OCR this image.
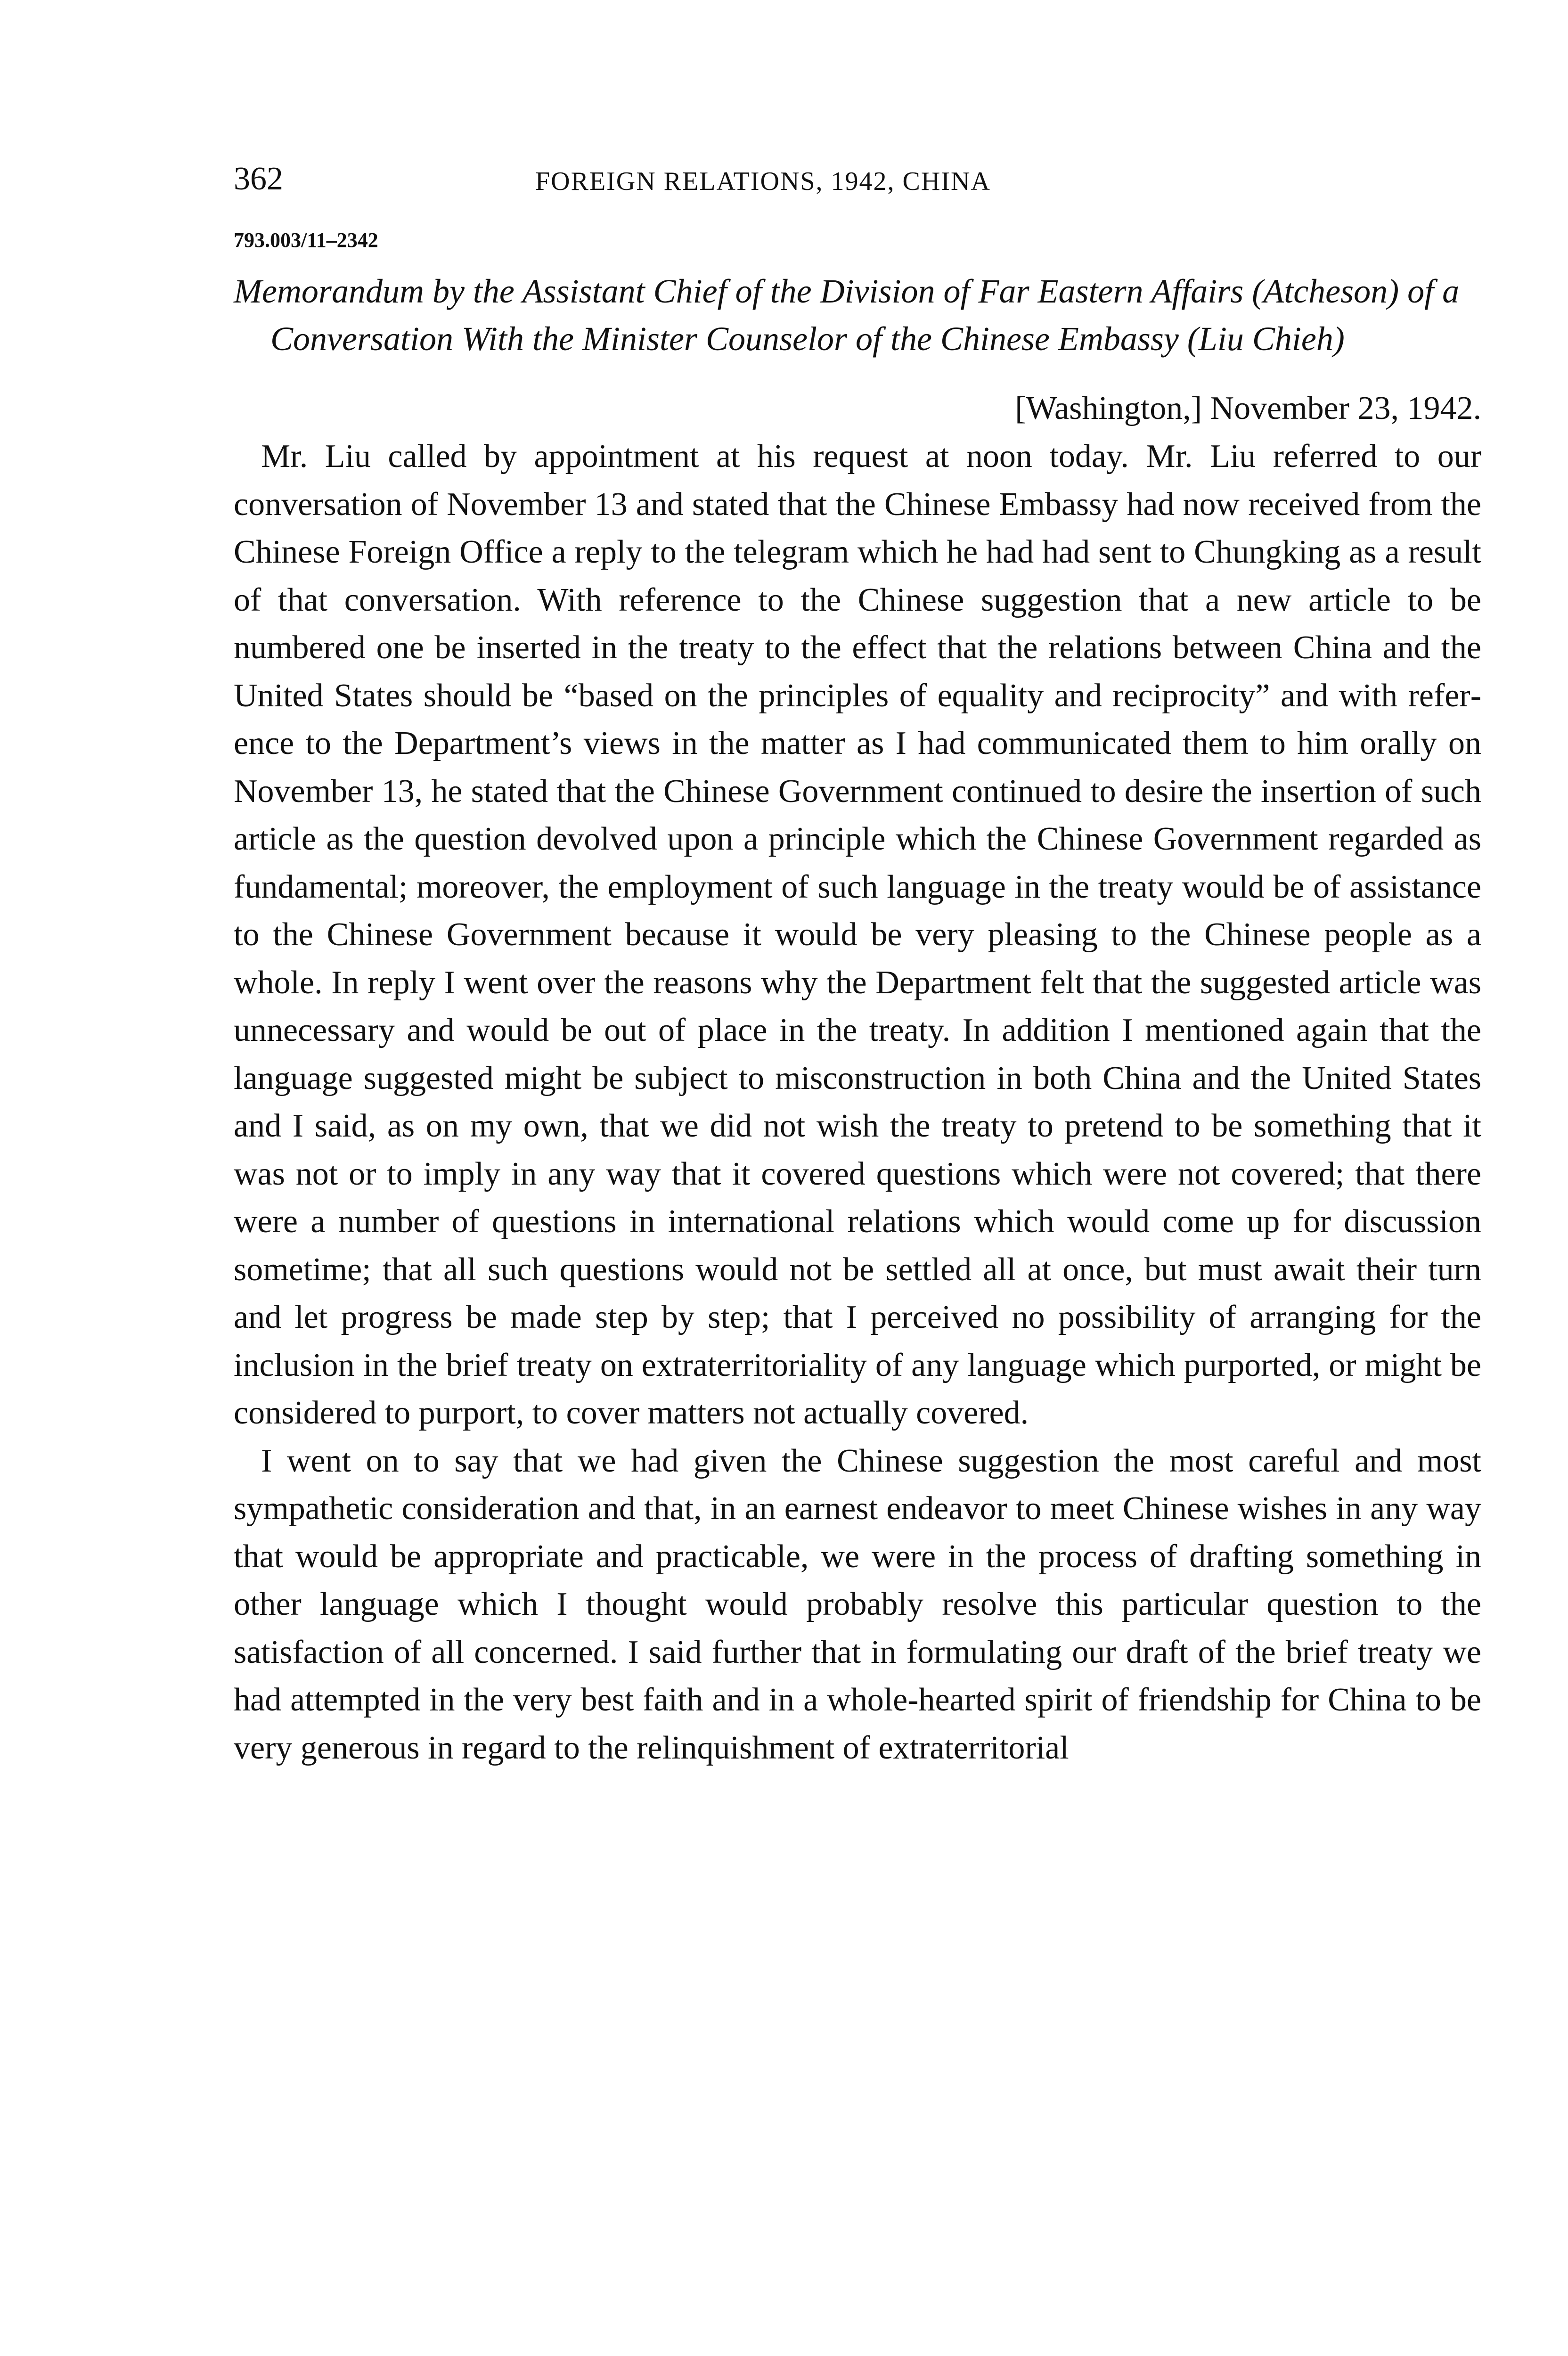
362	FOREIGN RELATIONS, 1942, CHINA
793.003/11–2342
Memorandum by the Assistant Chief of the Division of Far Eastern Affairs (Atcheson) of a Conversation With the Minister Counselor of the Chinese Embassy (Liu Chieh)
[Washington,] November 23, 1942.

Mr. Liu called by appointment at his request at noon today. Mr. Liu referred to our conversation of November 13 and stated that the Chinese Embassy had now received from the Chinese Foreign Office a reply to the telegram which he had had sent to Chungking as a result of that conversation. With reference to the Chinese suggestion that a new article to be numbered one be inserted in the treaty to the effect that the relations between China and the United States should be “based on the principles of equality and reciprocity” and with reference to the Department’s views in the matter as I had communicated them to him orally on November 13, he stated that the Chinese Government continued to desire the insertion of such article as the question devolved upon a principle which the Chinese Government regarded as fundamental; moreover, the employment of such language in the treaty would be of assistance to the Chinese Government because it would be very pleasing to the Chinese people as a whole. In reply I went over the reasons why the Department felt that the suggested article was unnecessary and would be out of place in the treaty. In addition I mentioned again that the language suggested might be subject to misconstruction in both China and the United States and I said, as on my own, that we did not wish the treaty to pretend to be something that it was not or to imply in any way that it covered questions which were not covered; that there were a number of questions in international relations which would come up for discussion sometime; that all such questions would not be settled all at once, but must await their turn and let progress be made step by step; that I perceived no possibility of arranging for the inclusion in the brief treaty on extraterritoriality of any language which purported, or might be considered to purport, to cover matters not actually covered.

I went on to say that we had given the Chinese suggestion the most careful and most sympathetic consideration and that, in an earnest endeavor to meet Chinese wishes in any way that would be appropriate and practicable, we were in the process of drafting something in other language which I thought would probably resolve this particular question to the satisfaction of all concerned. I said further that in formulating our draft of the brief treaty we had attempted in the very best faith and in a whole-hearted spirit of friendship for China to be very generous in regard to the relinquishment of extraterritorial
